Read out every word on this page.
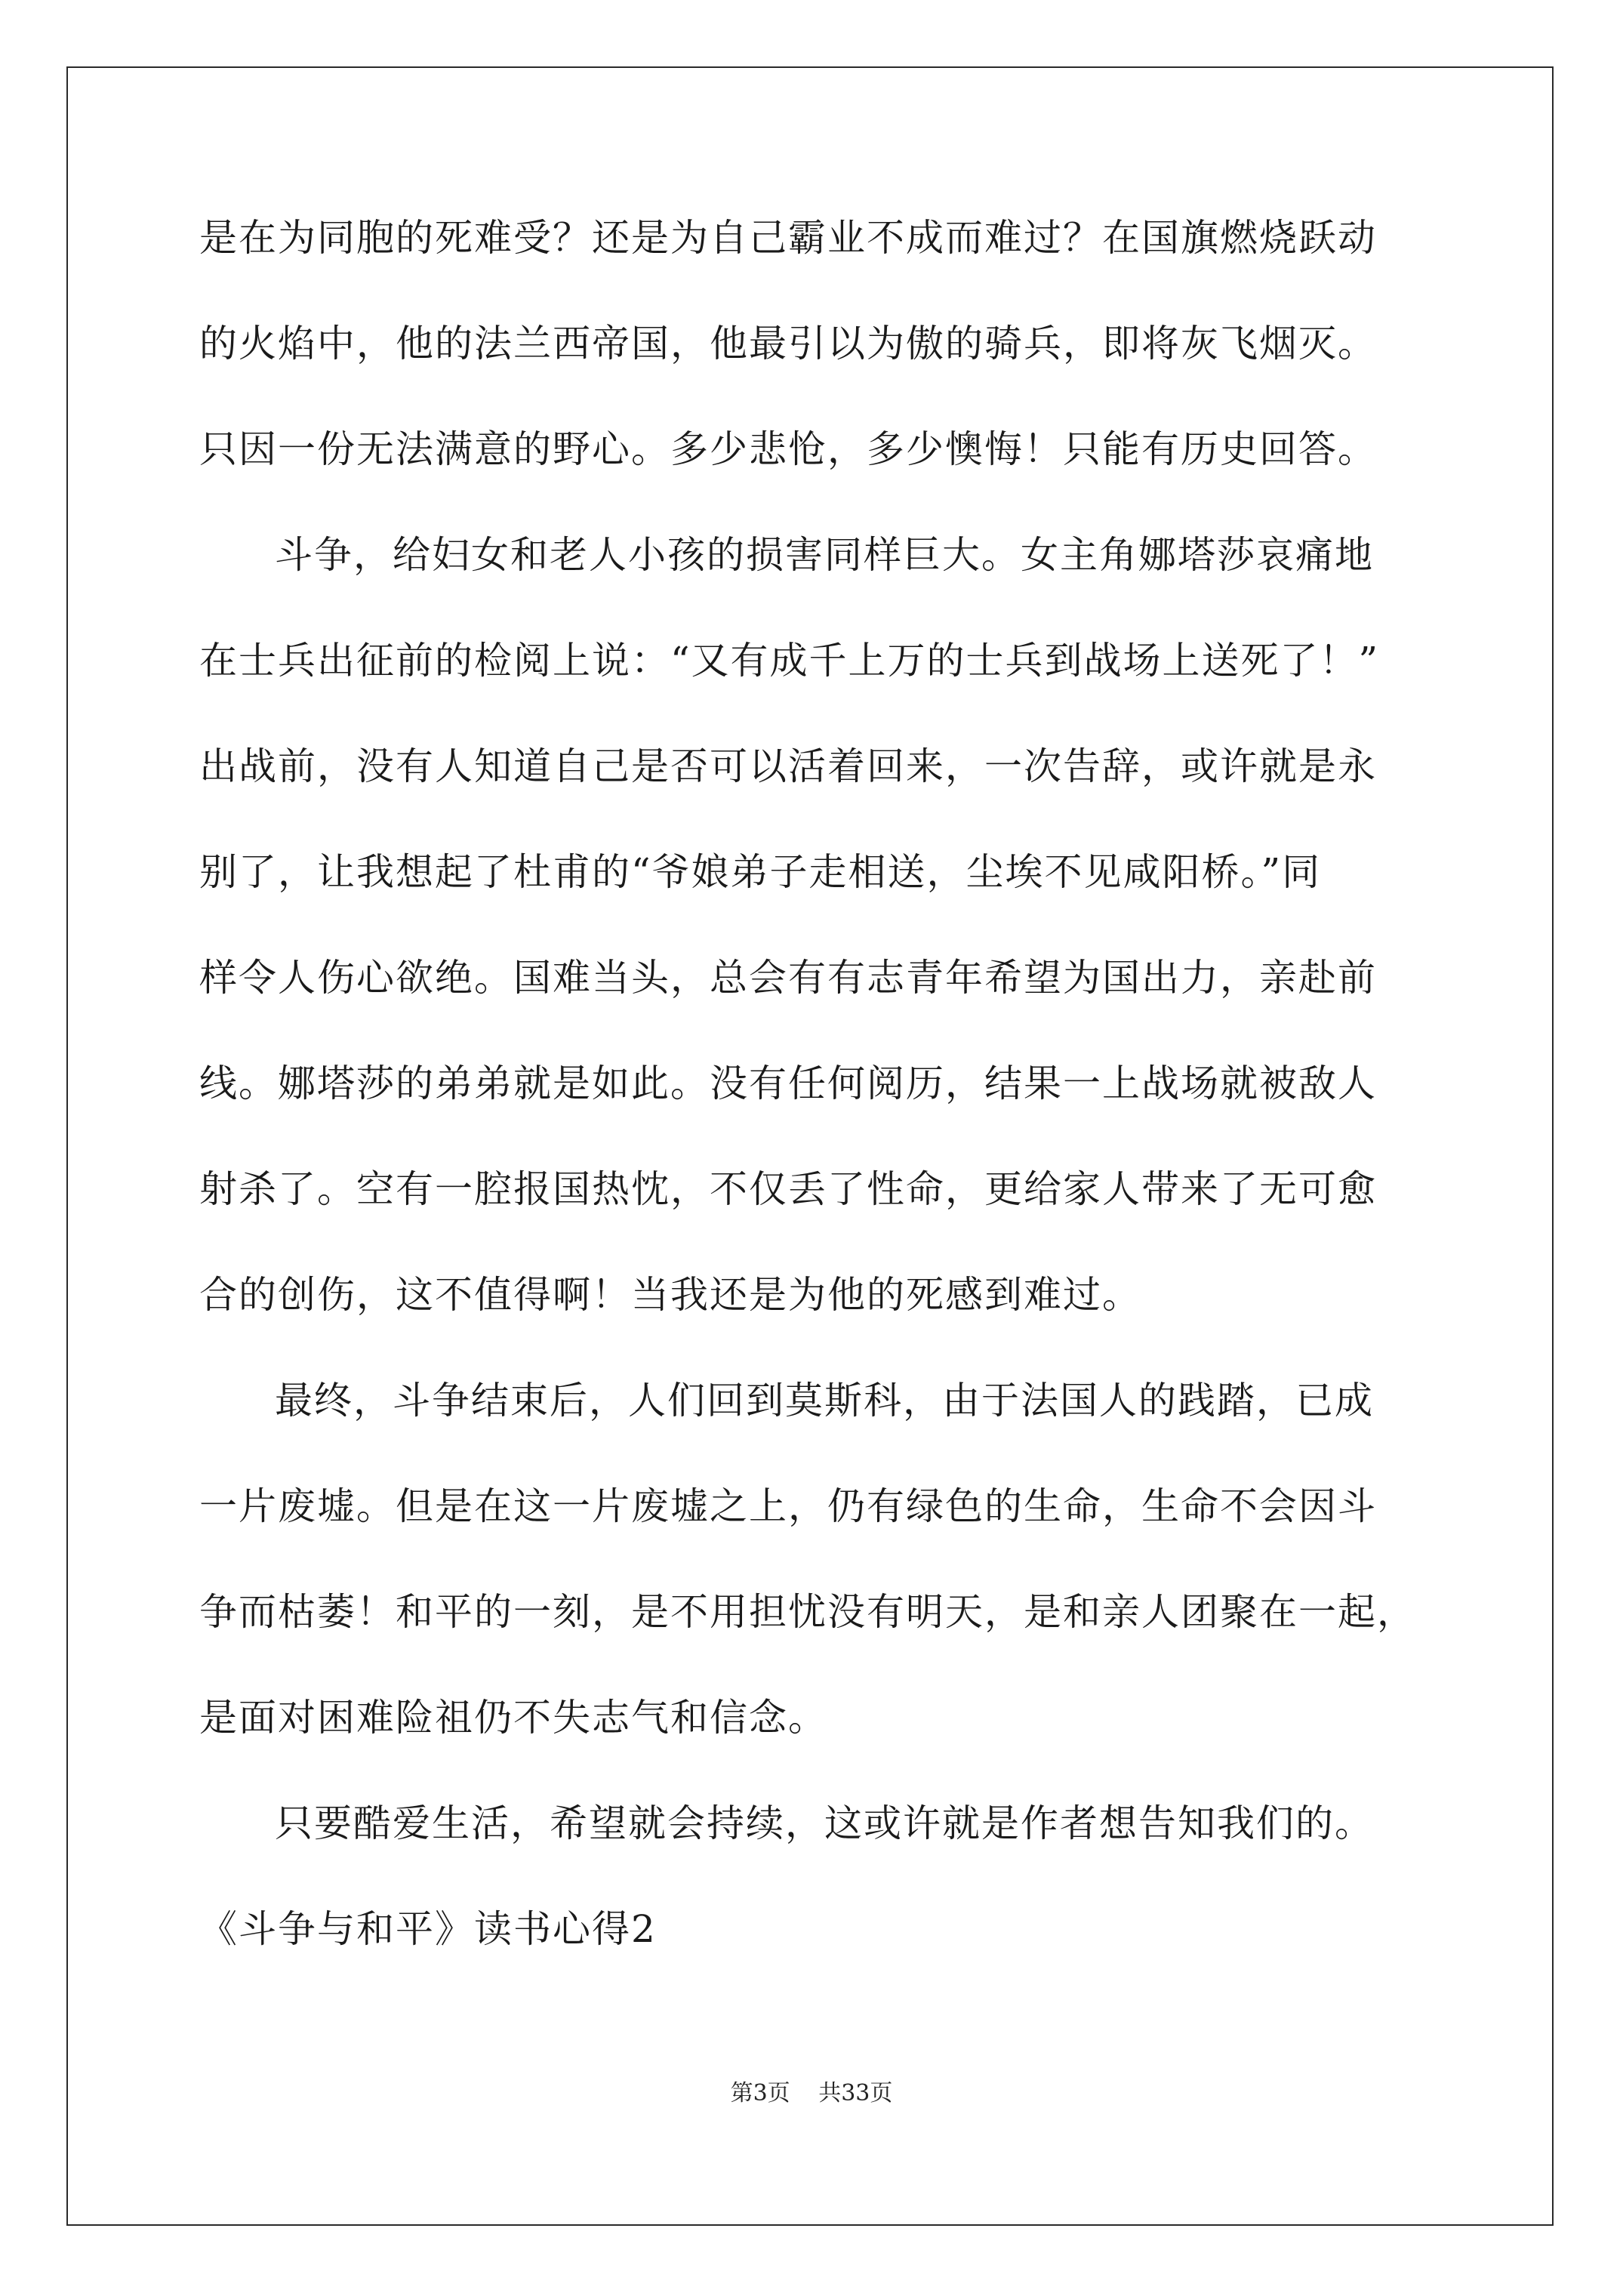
是在为同胞的死难受？还是为自己霸业不成而难过？在国旗燃烧跃动
的火焰中，他的法兰西帝国，他最引以为傲的骑兵，即将灰飞烟灭。
只因一份无法满意的野心。多少悲怆，多少懊悔！只能有历史回答。
斗争，给妇女和老人小孩的损害同样巨大。女主角娜塔莎哀痛地
在士兵出征前的检阅上说：“又有成千上万的士兵到战场上送死了！”
出战前，没有人知道自己是否可以活着回来，一次告辞，或许就是永
别了，让我想起了杜甫的“爷娘弟子走相送，尘埃不见咸阳桥。”同
样令人伤心欲绝。国难当头，总会有有志青年希望为国出力，亲赴前
线。娜塔莎的弟弟就是如此。没有任何阅历，结果一上战场就被敌人
射杀了。空有一腔报国热忱，不仅丢了性命，更给家人带来了无可愈
合的创伤，这不值得啊！当我还是为他的死感到难过。
最终，斗争结束后，人们回到莫斯科，由于法国人的践踏，已成
一片废墟。但是在这一片废墟之上，仍有绿色的生命，生命不会因斗
争而枯萎！和平的一刻，是不用担忧没有明天，是和亲人团聚在一起，
是面对困难险祖仍不失志气和信念。
只要酷爱生活，希望就会持续，这或许就是作者想告知我们的。
《斗争与和平》读书心得2
第3页 共33页
